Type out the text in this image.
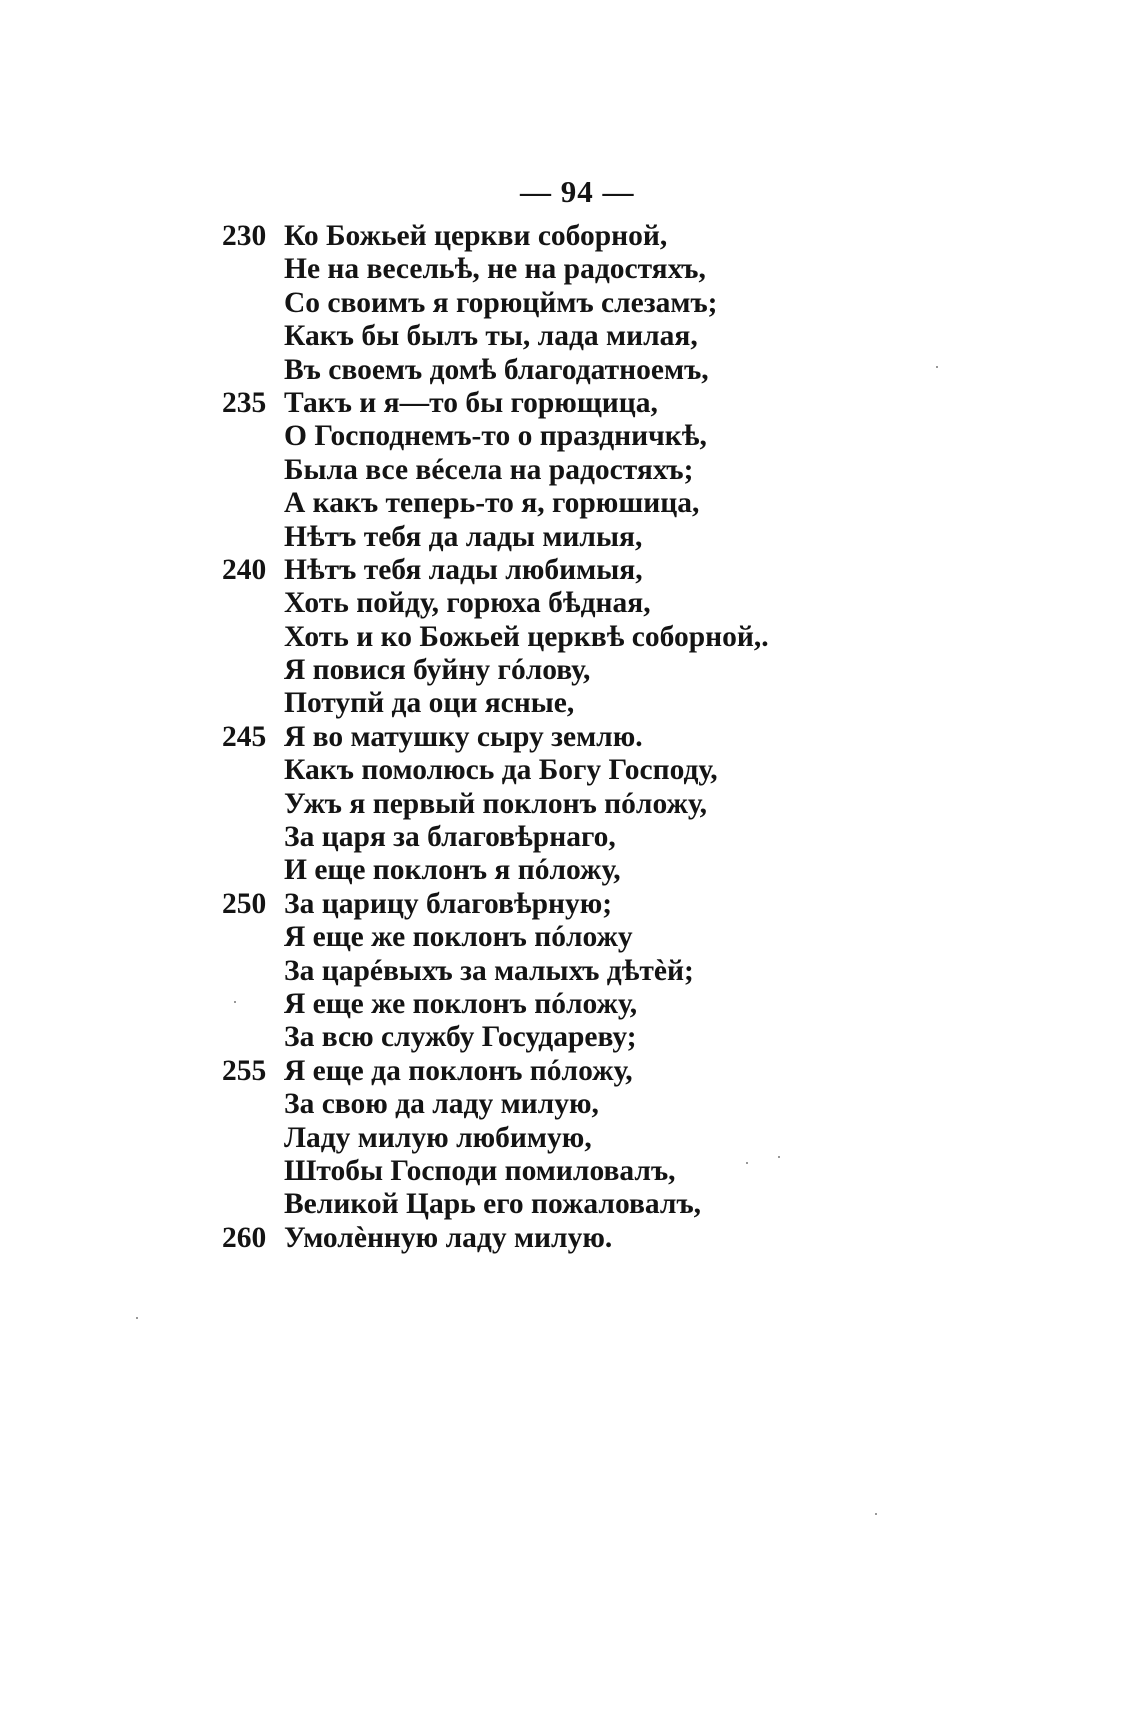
— 94 —
230 Ко Божьей церкви соборной,
Не на весельѣ, не на радостяхъ,
Со своимъ я горюцймъ слезамъ;
Какъ бы былъ ты, лада милая,
Въ своемъ домѣ благодатноемъ,
235 Такъ и я—то бы горющица,
О Господнемъ-то о праздничкѣ,
Была все вéсела на радостяхъ;
А какъ теперь-то я, горюшица,
Нѣтъ тебя да лады милыя,
240 Нѣтъ тебя лады любимыя,
Хоть пойду, горюха бѣдная,
Хоть и ко Божьей церквѣ соборной,.
Я повися буйну гóлову,
Потупй да оци ясные,
245 Я во матушку сыру землю.
Какъ помолюсь да Богу Господу,
Ужъ я первый поклонъ пóложу,
За царя за благовѣрнаго,
И еще поклонъ я пóложу,
250 За царицу благовѣрную;
Я еще же поклонъ пóложу
За царéвыхъ за малыхъ дѣтѐй;
Я еще же поклонъ пóложу,
За всю службу Государеву;
255 Я еще да поклонъ пóложу,
За свою да ладу милую,
Ладу милую любимую,
Штобы Господи помиловалъ,
Великой Царь его пожаловалъ,
260 Умолѐнную ладу милую.
